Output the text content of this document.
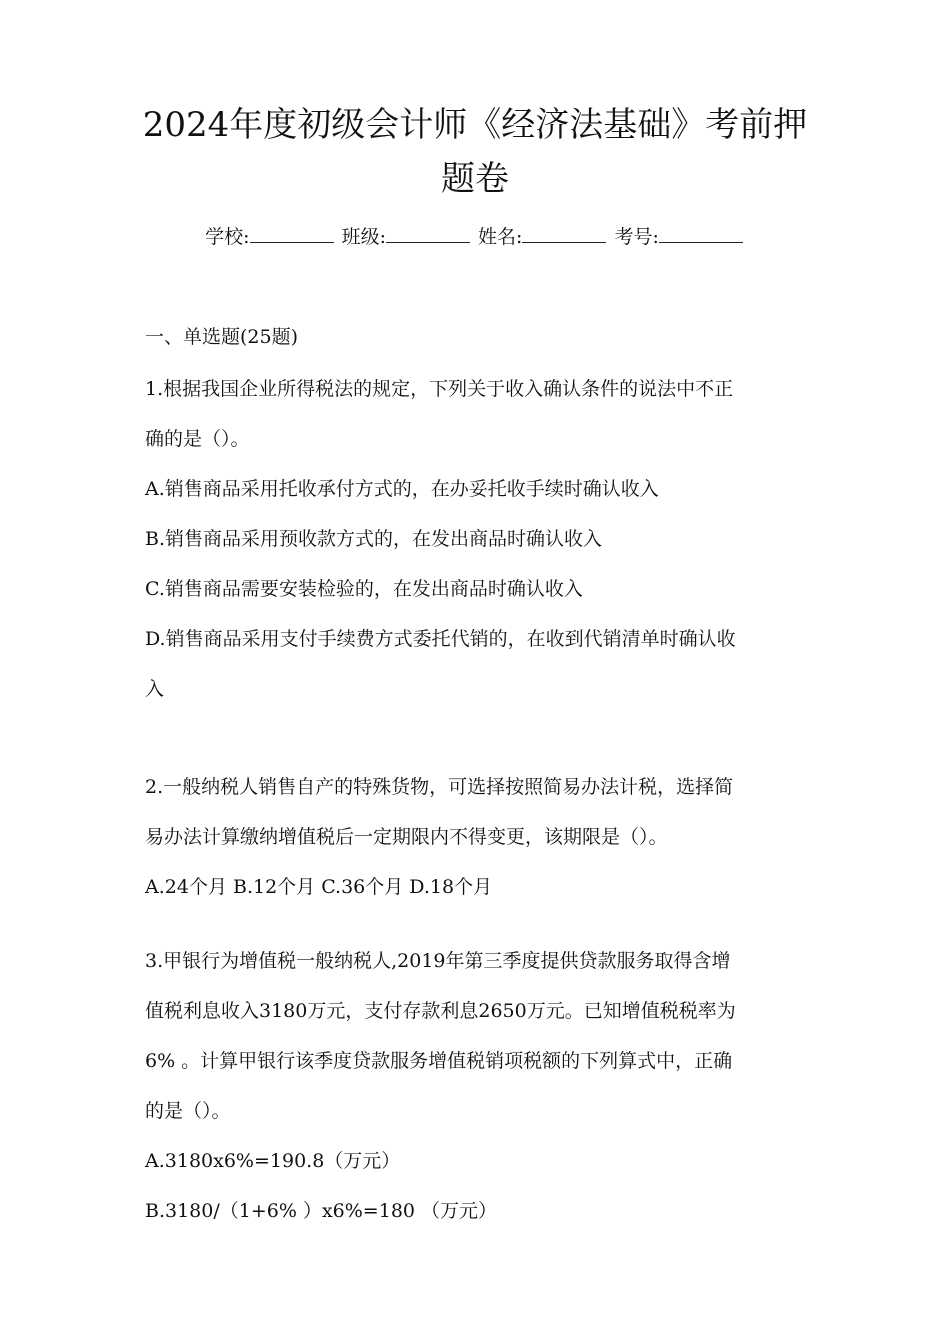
2024年度初级会计师《经济法基础》考前押
题卷
学校:	班级:	姓名:	考号:
一、单选题(25题)
1.根据我国企业所得税法的规定，下列关于收入确认条件的说法中不正
确的是（）。
A.销售商品采用托收承付方式的，在办妥托收手续时确认收入
B.销售商品采用预收款方式的，在发出商品时确认收入
C.销售商品需要安装检验的，在发出商品时确认收入
D.销售商品采用支付手续费方式委托代销的，在收到代销清单时确认收
入
2.一般纳税人销售自产的特殊货物，可选择按照简易办法计税，选择简
易办法计算缴纳增值税后一定期限内不得变更，该期限是（）。
A.24个月 B.12个月 C.36个月 D.18个月
3.甲银行为增值税一般纳税人,2019年第三季度提供贷款服务取得含增
值税利息收入3180万元，支付存款利息2650万元。已知增值税税率为
6% 。计算甲银行该季度贷款服务增值税销项税额的下列算式中，正确
的是（）。
A.3180x6%=190.8（万元）
B.3180/（1+6% ）x6%=180 （万元）
